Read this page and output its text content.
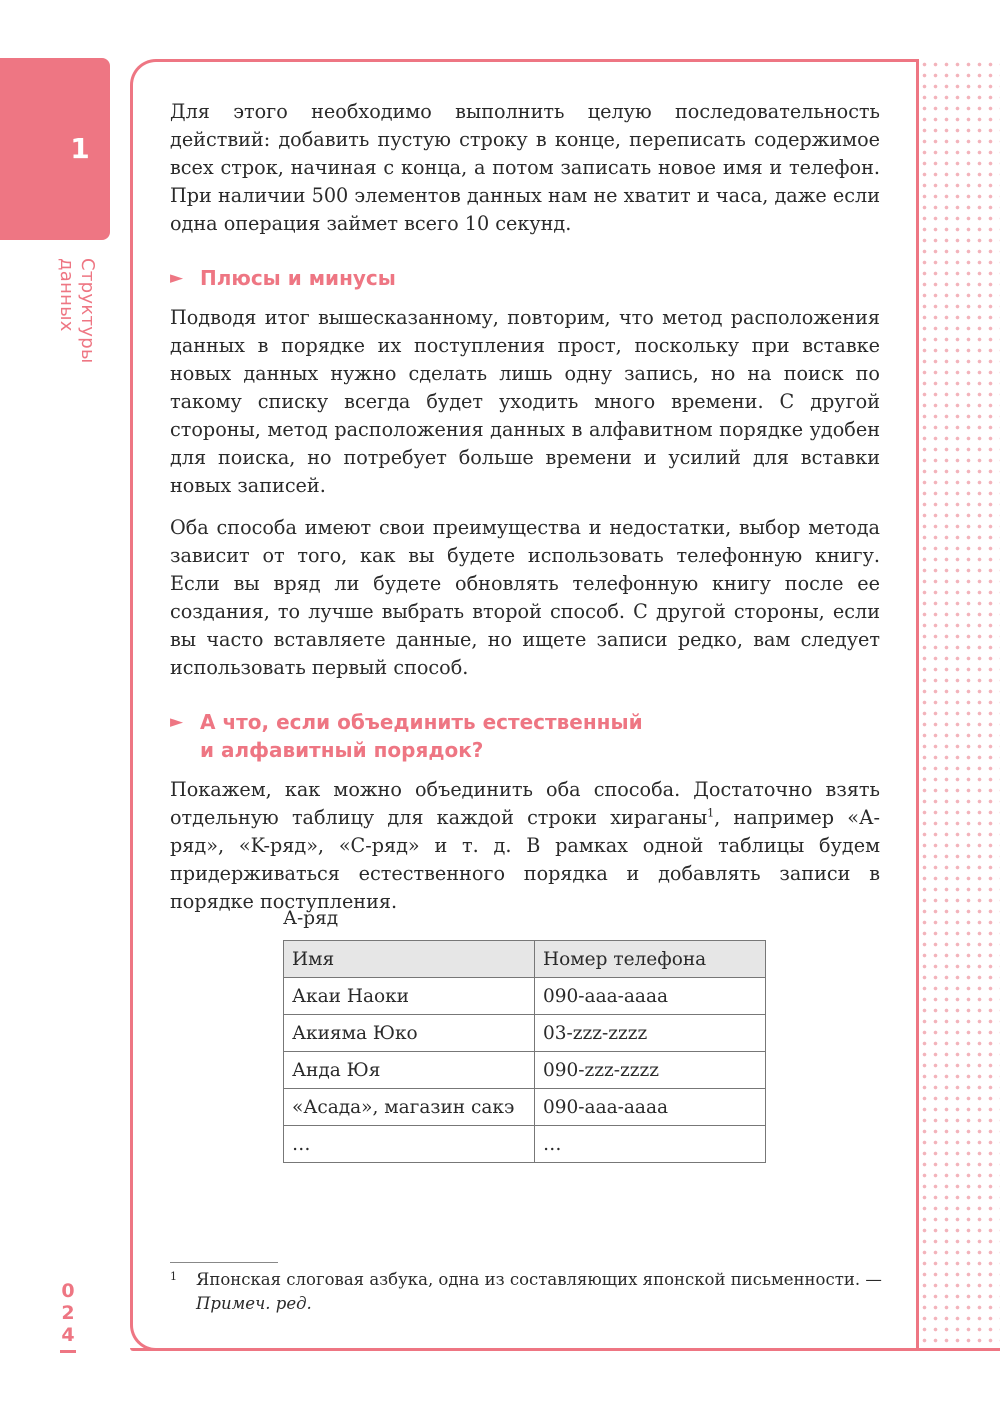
1
Структуры данных
0
2
4

Для этого необходимо выполнить целую последовательность действий: добавить пустую строку в конце, переписать содержимое всех строк, начиная с конца, а потом записать новое имя и телефон. При наличии 500 элементов данных нам не хватит и часа, даже если одна операция займет всего 10 секунд.

► Плюсы и минусы

Подводя итог вышесказанному, повторим, что метод расположения данных в порядке их поступления прост, поскольку при вставке новых данных нужно сделать лишь одну запись, но на поиск по такому списку всегда будет уходить много времени. С другой стороны, метод расположения данных в алфавитном порядке удобен для поиска, но потребует больше времени и усилий для вставки новых записей.

Оба способа имеют свои преимущества и недостатки, выбор метода зависит от того, как вы будете использовать телефонную книгу. Если вы вряд ли будете обновлять телефонную книгу после ее создания, то лучше выбрать второй способ. С другой стороны, если вы часто вставляете данные, но ищете записи редко, вам следует использовать первый способ.

► А что, если объединить естественный и алфавитный порядок?

Покажем, как можно объединить оба способа. Достаточно взять отдельную таблицу для каждой строки хираганы$^1$, например «А-ряд», «K-ряд», «С-ряд» и т. д. В рамках одной таблицы будем придерживаться естественного порядка и добавлять записи в порядке поступления.

А-ряд
Имя	Номер телефона
Акаи Наоки	090-aaa-aaaa
Акияма Юко	03-zzz-zzzz
Анда Юя	090-zzz-zzzz
«Асада», магазин сакэ	090-aaa-aaaa
…	…
1	Японская слоговая азбука, одна из составляющих японской письменности. — Примеч. ред.
